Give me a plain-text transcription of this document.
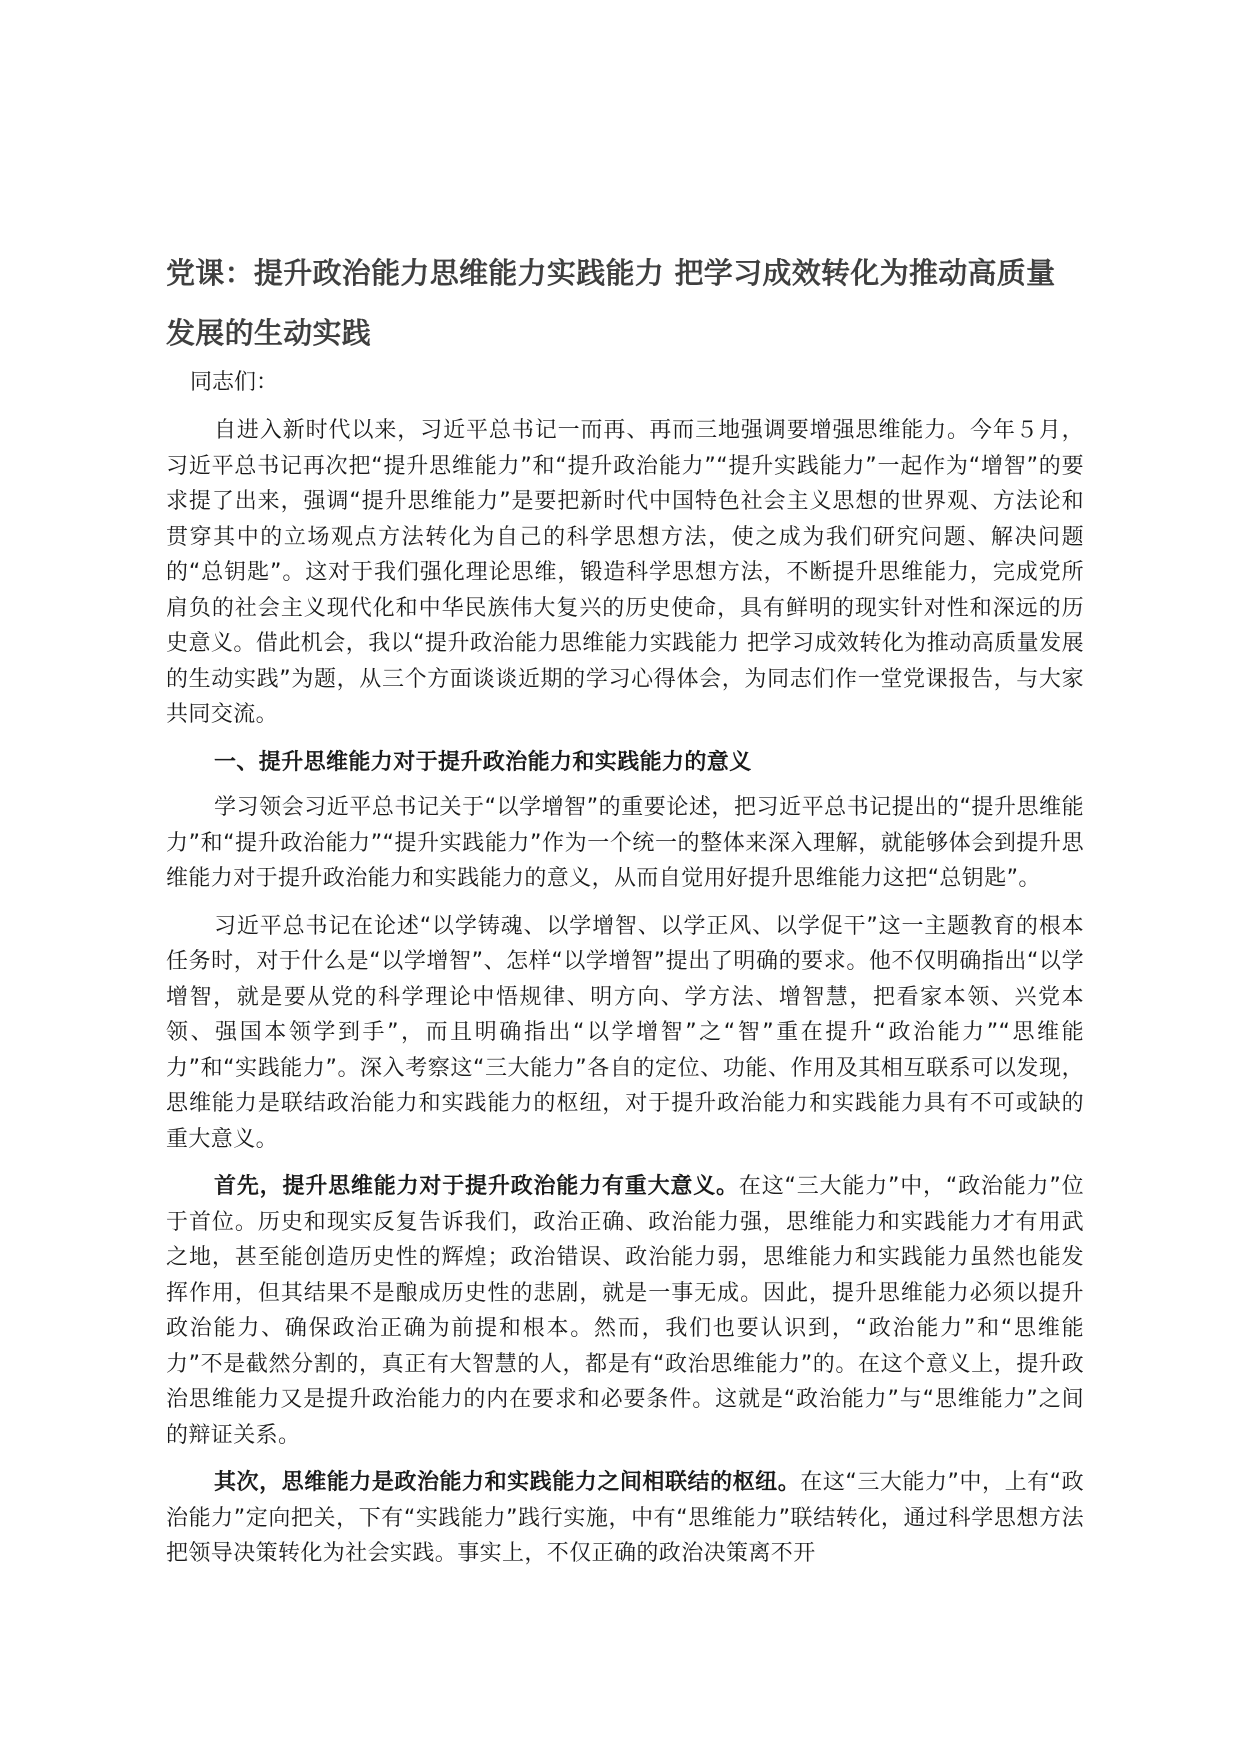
党课：提升政治能力思维能力实践能力 把学习成效转化为推动高质量发展的生动实践

同志们：

自进入新时代以来，习近平总书记一而再、再而三地强调要增强思维能力。今年５月，习近平总书记再次把“提升思维能力”和“提升政治能力”“提升实践能力”一起作为“增智”的要求提了出来，强调“提升思维能力”是要把新时代中国特色社会主义思想的世界观、方法论和贯穿其中的立场观点方法转化为自己的科学思想方法，使之成为我们研究问题、解决问题的“总钥匙”。这对于我们强化理论思维，锻造科学思想方法，不断提升思维能力，完成党所肩负的社会主义现代化和中华民族伟大复兴的历史使命，具有鲜明的现实针对性和深远的历史意义。借此机会，我以“提升政治能力思维能力实践能力 把学习成效转化为推动高质量发展的生动实践”为题，从三个方面谈谈近期的学习心得体会，为同志们作一堂党课报告，与大家共同交流。

一、提升思维能力对于提升政治能力和实践能力的意义

学习领会习近平总书记关于“以学增智”的重要论述，把习近平总书记提出的“提升思维能力”和“提升政治能力”“提升实践能力”作为一个统一的整体来深入理解，就能够体会到提升思维能力对于提升政治能力和实践能力的意义，从而自觉用好提升思维能力这把“总钥匙”。

习近平总书记在论述“以学铸魂、以学增智、以学正风、以学促干”这一主题教育的根本任务时，对于什么是“以学增智”、怎样“以学增智”提出了明确的要求。他不仅明确指出“以学增智，就是要从党的科学理论中悟规律、明方向、学方法、增智慧，把看家本领、兴党本领、强国本领学到手”，而且明确指出“以学增智”之“智”重在提升“政治能力”“思维能力”和“实践能力”。深入考察这“三大能力”各自的定位、功能、作用及其相互联系可以发现，思维能力是联结政治能力和实践能力的枢纽，对于提升政治能力和实践能力具有不可或缺的重大意义。

首先，提升思维能力对于提升政治能力有重大意义。在这“三大能力”中，“政治能力”位于首位。历史和现实反复告诉我们，政治正确、政治能力强，思维能力和实践能力才有用武之地，甚至能创造历史性的辉煌；政治错误、政治能力弱，思维能力和实践能力虽然也能发挥作用，但其结果不是酿成历史性的悲剧，就是一事无成。因此，提升思维能力必须以提升政治能力、确保政治正确为前提和根本。然而，我们也要认识到，“政治能力”和“思维能力”不是截然分割的，真正有大智慧的人，都是有“政治思维能力”的。在这个意义上，提升政治思维能力又是提升政治能力的内在要求和必要条件。这就是“政治能力”与“思维能力”之间的辩证关系。

其次，思维能力是政治能力和实践能力之间相联结的枢纽。在这“三大能力”中，上有“政治能力”定向把关，下有“实践能力”践行实施，中有“思维能力”联结转化，通过科学思想方法把领导决策转化为社会实践。事实上，不仅正确的政治决策离不开
